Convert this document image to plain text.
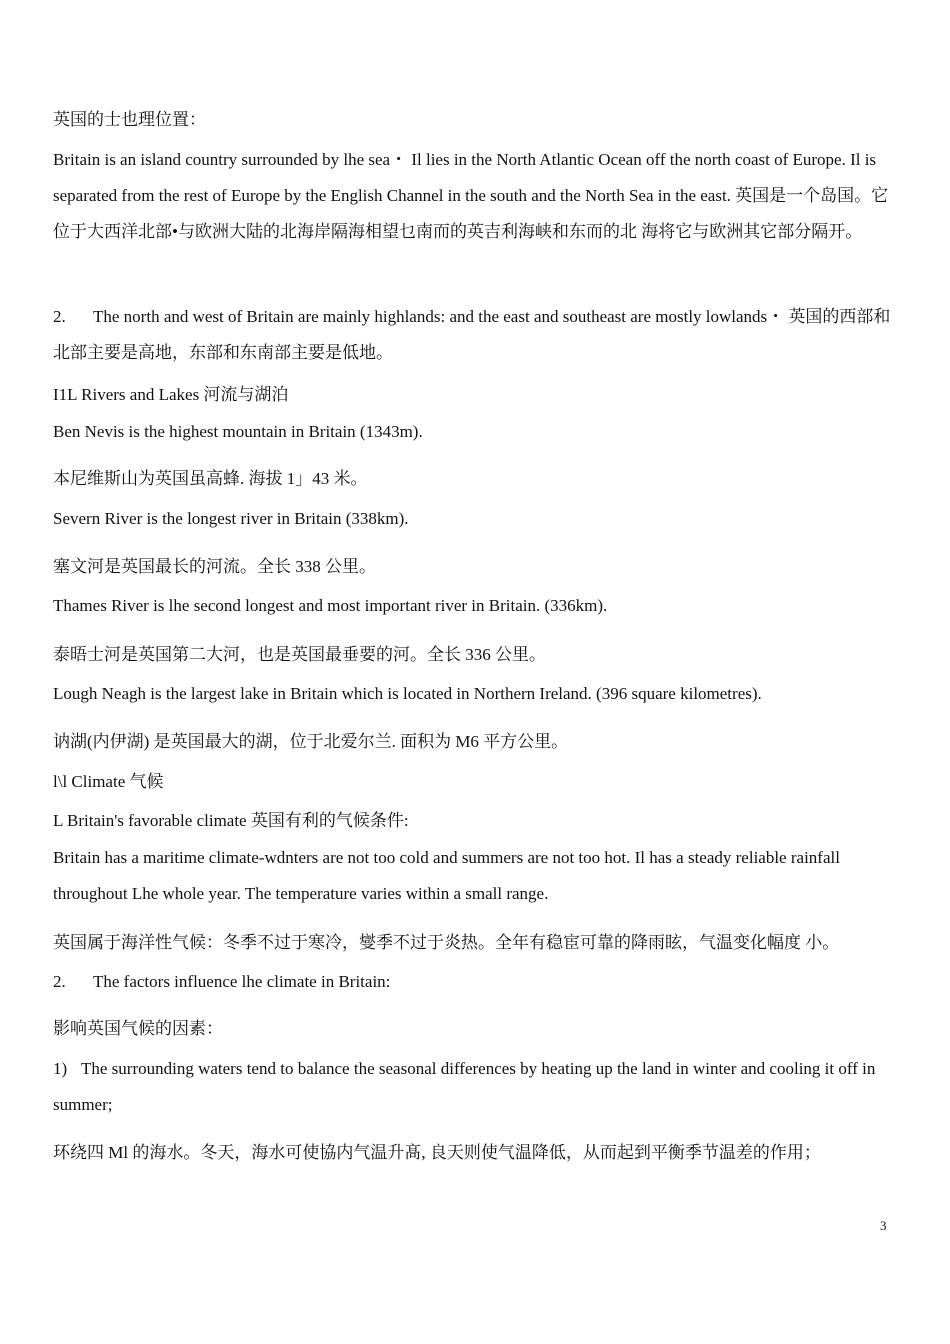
英国的士也理位置：

Britain is an island country surrounded by lhe sea・ Il lies in the North Atlantic Ocean off the north coast of Europe. Il is separated from the rest of Europe by the English Channel in the south and the North Sea in the east. 英国是一个岛国。它位于大西洋北部•与欧洲大陆的北海岸隔海相望乜南而的英吉利海峡和东而的北 海将它与欧洲其它部分隔开。

2. The north and west of Britain are mainly highlands: and the east and southeast are mostly lowlands・ 英国的西部和北部主要是高地，东部和东南部主要是低地。

I1L Rivers and Lakes 河流与湖泊

Ben Nevis is the highest mountain in Britain (1343m).

本尼维斯山为英国虽高蜂. 海拔 1」43 米。

Severn River is the longest river in Britain (338km).

塞文河是英国最长的河流。全长 338 公里。

Thames River is lhe second longest and most important river in Britain. (336km).

泰晤士河是英国第二大河，也是英国最垂要的河。全长 336 公里。

Lough Neagh is the largest lake in Britain which is located in Northern Ireland. (396 square kilometres).

讷湖(内伊湖) 是英国最大的湖，位于北爱尔兰. 面积为 M6 平方公里。

l\l Climate 气候

L Britain's favorable climate 英国有利的气候条件:

Britain has a maritime climate-wdnters are not too cold and summers are not too hot. Il has a steady reliable rainfall throughout Lhe whole year. The temperature varies within a small range.

英国属于海洋性气候：冬季不过于寒冷，燮季不过于炎热。全年有稳宦可靠的降雨眩，气温变化幅度 小。

2. The factors influence lhe climate in Britain:

影响英国气候的因素：

1) The surrounding waters tend to balance the seasonal differences by heating up the land in winter and cooling it off in summer;

环绕四 Ml 的海水。冬天，海水可使協内气温升髙, 良天则使气温降低，从而起到平衡季节温差的作用；

3
